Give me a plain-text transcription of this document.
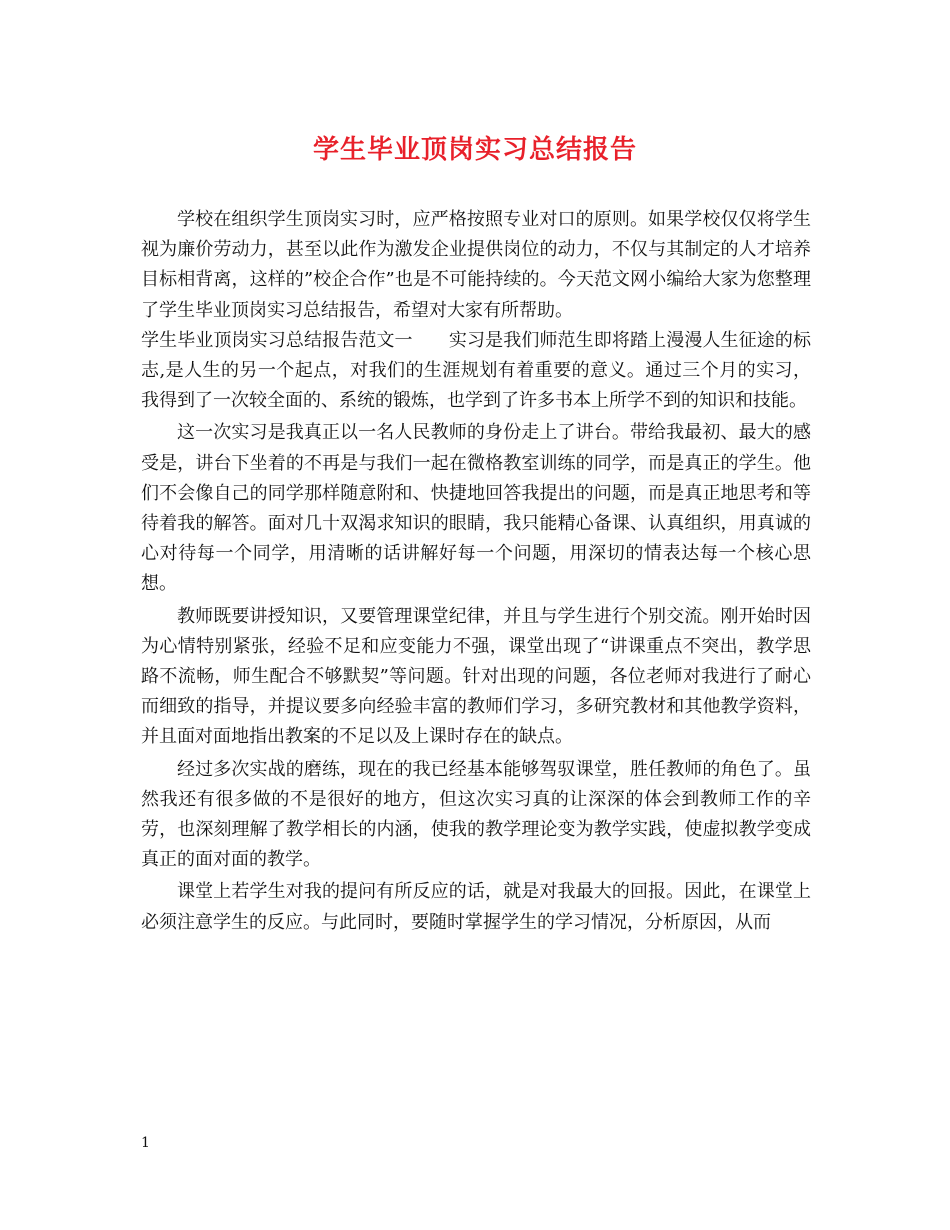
学生毕业顶岗实习总结报告

学校在组织学生顶岗实习时，应严格按照专业对口的原则。如果学校仅仅将学生视为廉价劳动力，甚至以此作为激发企业提供岗位的动力，不仅与其制定的人才培养目标相背离，这样的”校企合作”也是不可能持续的。今天范文网小编给大家为您整理了学生毕业顶岗实习总结报告，希望对大家有所帮助。

学生毕业顶岗实习总结报告范文一　　实习是我们师范生即将踏上漫漫人生征途的标志,是人生的另一个起点，对我们的生涯规划有着重要的意义。通过三个月的实习，我得到了一次较全面的、系统的锻炼，也学到了许多书本上所学不到的知识和技能。

这一次实习是我真正以一名人民教师的身份走上了讲台。带给我最初、最大的感受是，讲台下坐着的不再是与我们一起在微格教室训练的同学，而是真正的学生。他们不会像自己的同学那样随意附和、快捷地回答我提出的问题，而是真正地思考和等待着我的解答。面对几十双渴求知识的眼睛，我只能精心备课、认真组织，用真诚的心对待每一个同学，用清晰的话讲解好每一个问题，用深切的情表达每一个核心思想。

教师既要讲授知识，又要管理课堂纪律，并且与学生进行个别交流。刚开始时因为心情特别紧张，经验不足和应变能力不强，课堂出现了“讲课重点不突出，教学思路不流畅，师生配合不够默契”等问题。针对出现的问题，各位老师对我进行了耐心而细致的指导，并提议要多向经验丰富的教师们学习，多研究教材和其他教学资料，并且面对面地指出教案的不足以及上课时存在的缺点。

经过多次实战的磨练，现在的我已经基本能够驾驭课堂，胜任教师的角色了。虽然我还有很多做的不是很好的地方，但这次实习真的让深深的体会到教师工作的辛劳，也深刻理解了教学相长的内涵，使我的教学理论变为教学实践，使虚拟教学变成真正的面对面的教学。

课堂上若学生对我的提问有所反应的话，就是对我最大的回报。因此，在课堂上必须注意学生的反应。与此同时，要随时掌握学生的学习情况，分析原因，从而

1
